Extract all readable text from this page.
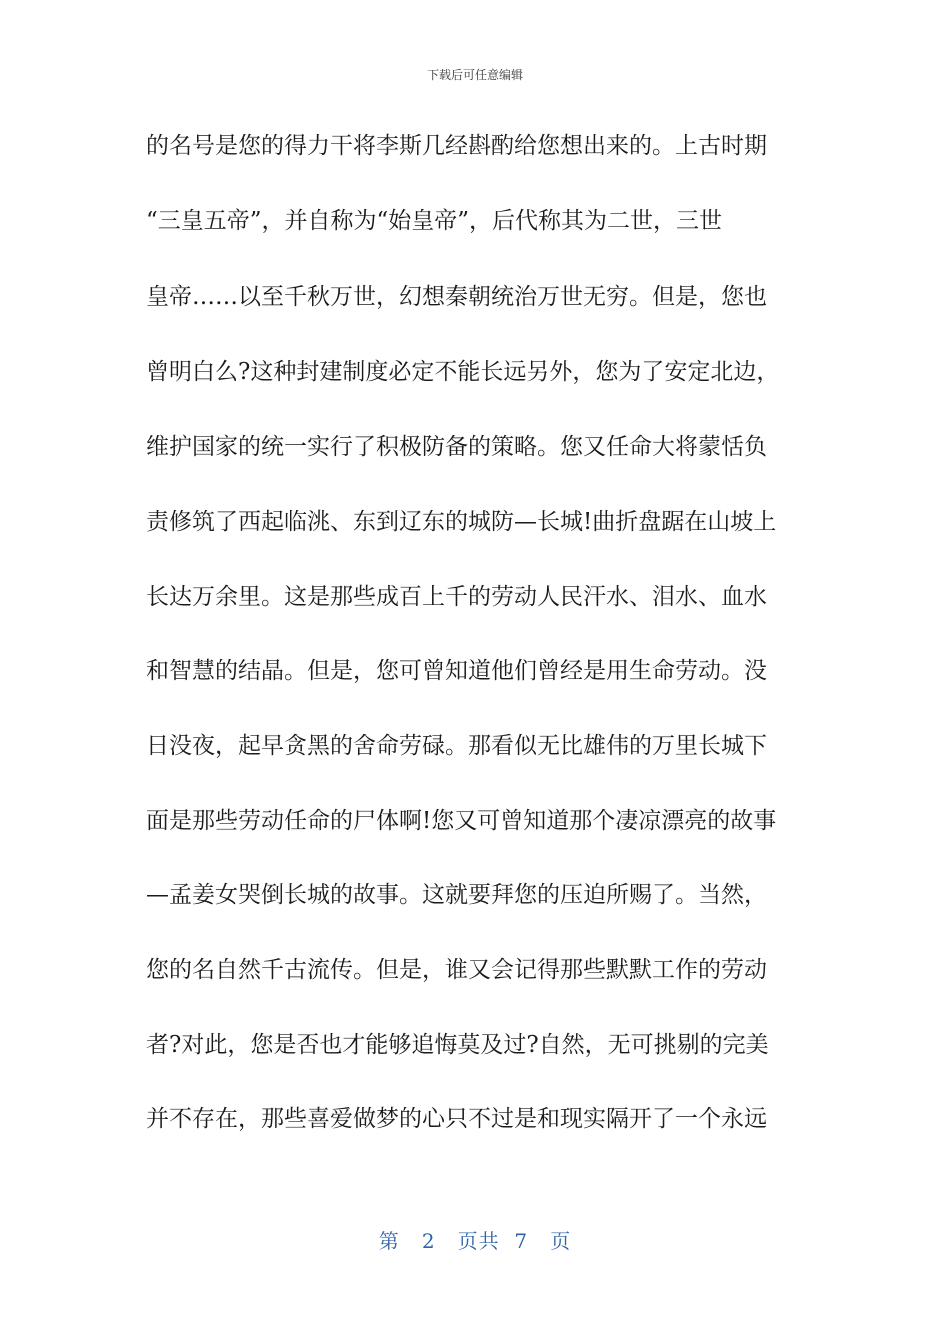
下载后可任意编辑
的名号是您的得力干将李斯几经斟酌给您想出来的。上古时期
“三皇五帝”，并自称为“始皇帝”，后代称其为二世，三世
皇帝……以至千秋万世，幻想秦朝统治万世无穷。但是，您也
曾明白么?这种封建制度必定不能长远另外，您为了安定北边，
维护国家的统一实行了积极防备的策略。您又任命大将蒙恬负
责修筑了西起临洮、东到辽东的城防—长城!曲折盘踞在山坡上
长达万余里。这是那些成百上千的劳动人民汗水、泪水、血水
和智慧的结晶。但是，您可曾知道他们曾经是用生命劳动。没
日没夜，起早贪黑的舍命劳碌。那看似无比雄伟的万里长城下
面是那些劳动任命的尸体啊!您又可曾知道那个凄凉漂亮的故事
—孟姜女哭倒长城的故事。这就要拜您的压迫所赐了。当然，
您的名自然千古流传。但是，谁又会记得那些默默工作的劳动
者?对此，您是否也才能够追悔莫及过?自然，无可挑剔的完美
并不存在，那些喜爱做梦的心只不过是和现实隔开了一个永远
第 2 页共 7 页
